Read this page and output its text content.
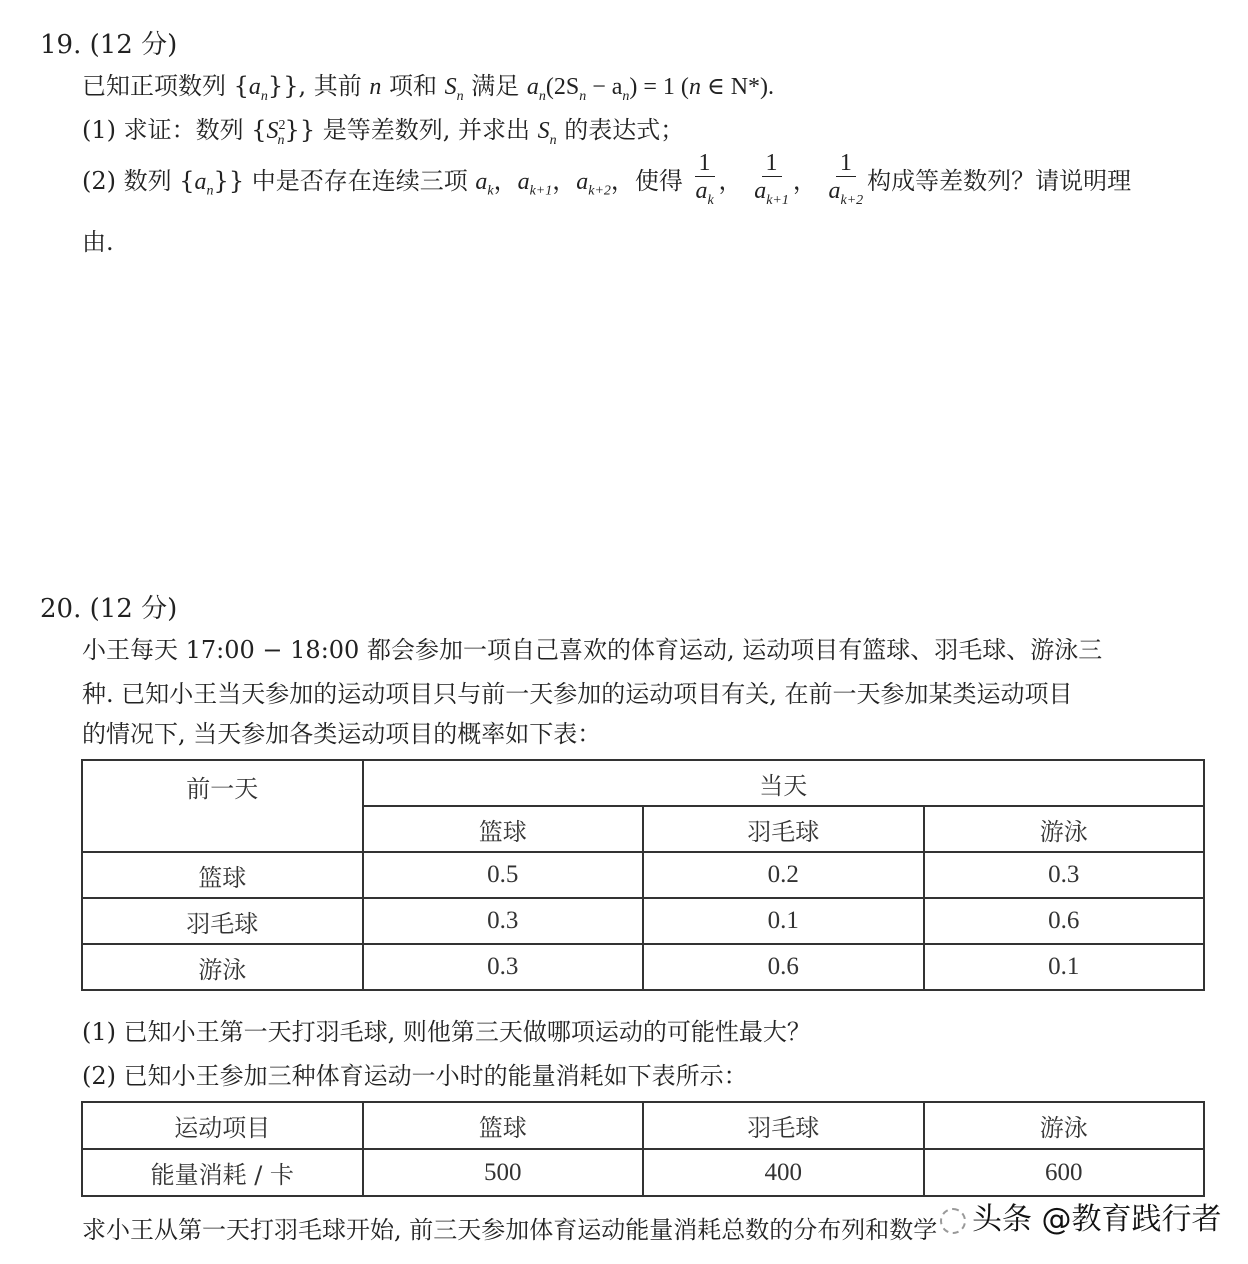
19. (12 分)
已知正项数列 $\{a_n\}$}, 其前 n 项和 $S_n$ 满足 $a_n(2S_n - a_n) = 1$ (n ∈ N*).
(1) 求证：数列 $\{S^2_n\}$} 是等差数列, 并求出 $S_n$ 的表达式；
(2) 数列 $\{a_n\}$} 中是否存在连续三项 $a_k$，$a_{k+1}$，$a_{k+2}$，使得 $\frac{1}{a_k}$ ， $\frac{1}{a_{k+1}}$ ， $\frac{1}{a_{k+2}}$ 构成等差数列？请说明理
由.
20. (12 分)
小王每天 17:00 − 18:00 都会参加一项自己喜欢的体育运动, 运动项目有篮球、羽毛球、游泳三
种. 已知小王当天参加的运动项目只与前一天参加的运动项目有关, 在前一天参加某类运动项目
的情况下, 当天参加各类运动项目的概率如下表：
前一天	当天		
	篮球	羽毛球	游泳
篮球	0.5	0.2	0.3
羽毛球	0.3	0.1	0.6
游泳	0.3	0.6	0.1
(1) 已知小王第一天打羽毛球, 则他第三天做哪项运动的可能性最大？
(2) 已知小王参加三种体育运动一小时的能量消耗如下表所示：
运动项目	篮球	羽毛球	游泳
能量消耗 / 卡	500	400	600
求小王从第一天打羽毛球开始, 前三天参加体育运动能量消耗总数的分布列和数学	头条 @教育践行者
